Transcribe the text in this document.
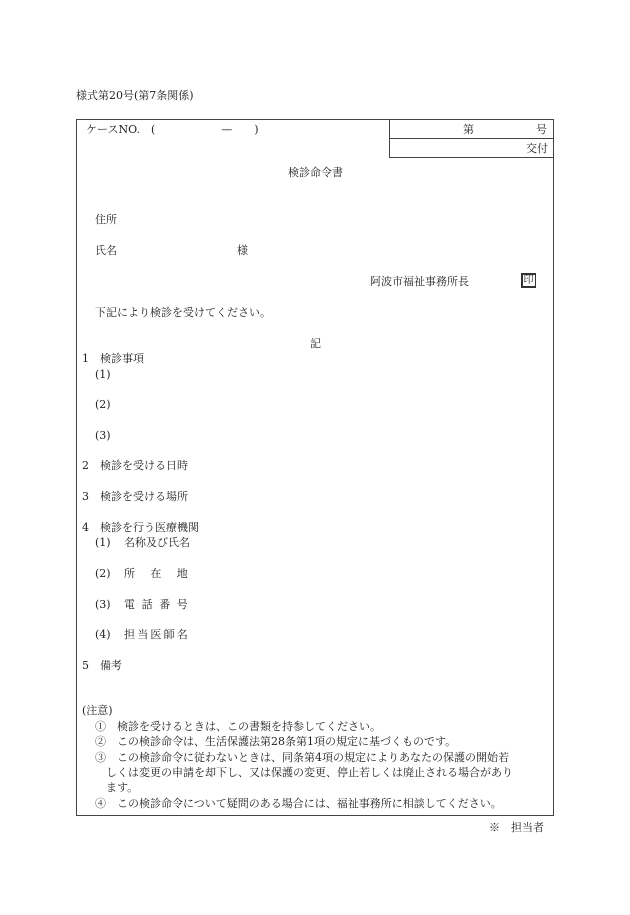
様式第20号(第7条関係)
ケースNO.　(　　　　　　—　　)	第	号
交付
検診命令書
住所
氏名	様
阿波市福祉事務所長	印
下記により検診を受けてください。
記
1　検診事項
(1)
(2)
(3)
2　検診を受ける日時
3　検診を受ける場所
4　検診を行う医療機関
(1) 名称及び氏名
(2) 所在地
(3) 電話番号
(4) 担当医師名
5　備考
(注意)
①　検診を受けるときは、この書類を持参してください。
②　この検診命令は、生活保護法第28条第1項の規定に基づくものです。
③　この検診命令に従わないときは、同条第4項の規定によりあなたの保護の開始若
しくは変更の申請を却下し、又は保護の変更、停止若しくは廃止される場合があり
ます。
④　この検診命令について疑問のある場合には、福祉事務所に相談してください。
※　担当者
